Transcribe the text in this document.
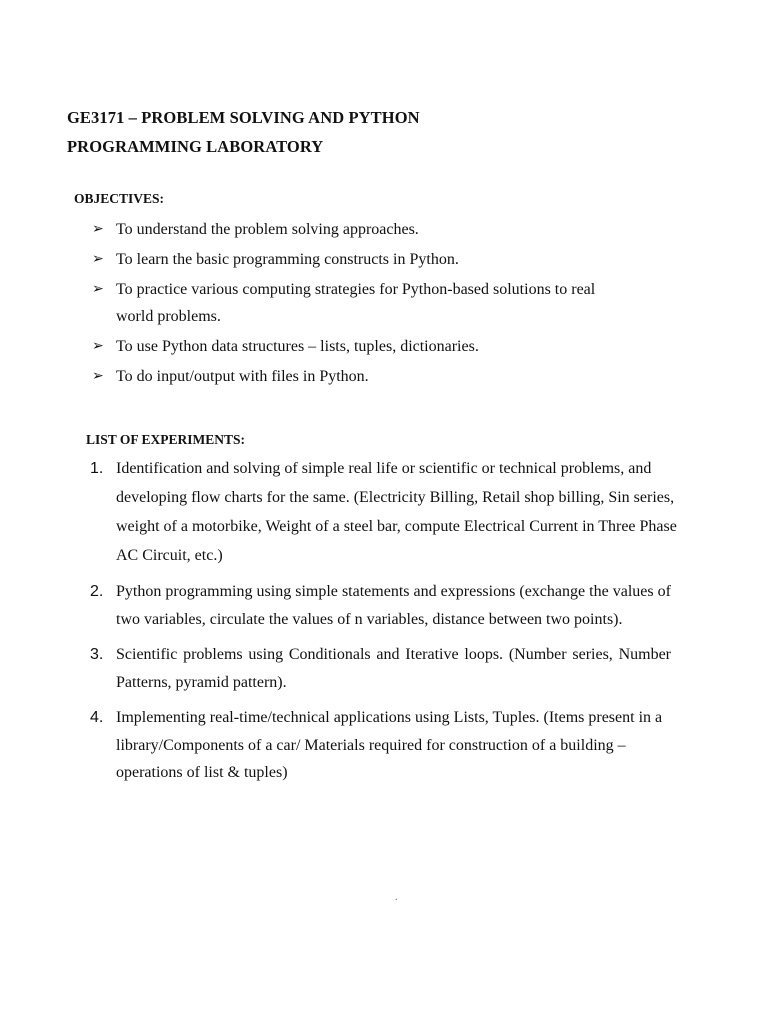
GE3171 – PROBLEM SOLVING AND PYTHON
PROGRAMMING LABORATORY
OBJECTIVES:
➢ To understand the problem solving approaches.
➢ To learn the basic programming constructs in Python.
➢ To practice various computing strategies for Python-based solutions to real world problems.
➢ To use Python data structures – lists, tuples, dictionaries.
➢ To do input/output with files in Python.
LIST OF EXPERIMENTS:
1. Identification and solving of simple real life or scientific or technical problems, and developing flow charts for the same. (Electricity Billing, Retail shop billing, Sin series, weight of a motorbike, Weight of a steel bar, compute Electrical Current in Three Phase AC Circuit, etc.)
2. Python programming using simple statements and expressions (exchange the values of two variables, circulate the values of n variables, distance between two points).
3. Scientific problems using Conditionals and Iterative loops. (Number series, Number Patterns, pyramid pattern).
4. Implementing real-time/technical applications using Lists, Tuples. (Items present in a library/Components of a car/ Materials required for construction of a building –operations of list & tuples)
.
